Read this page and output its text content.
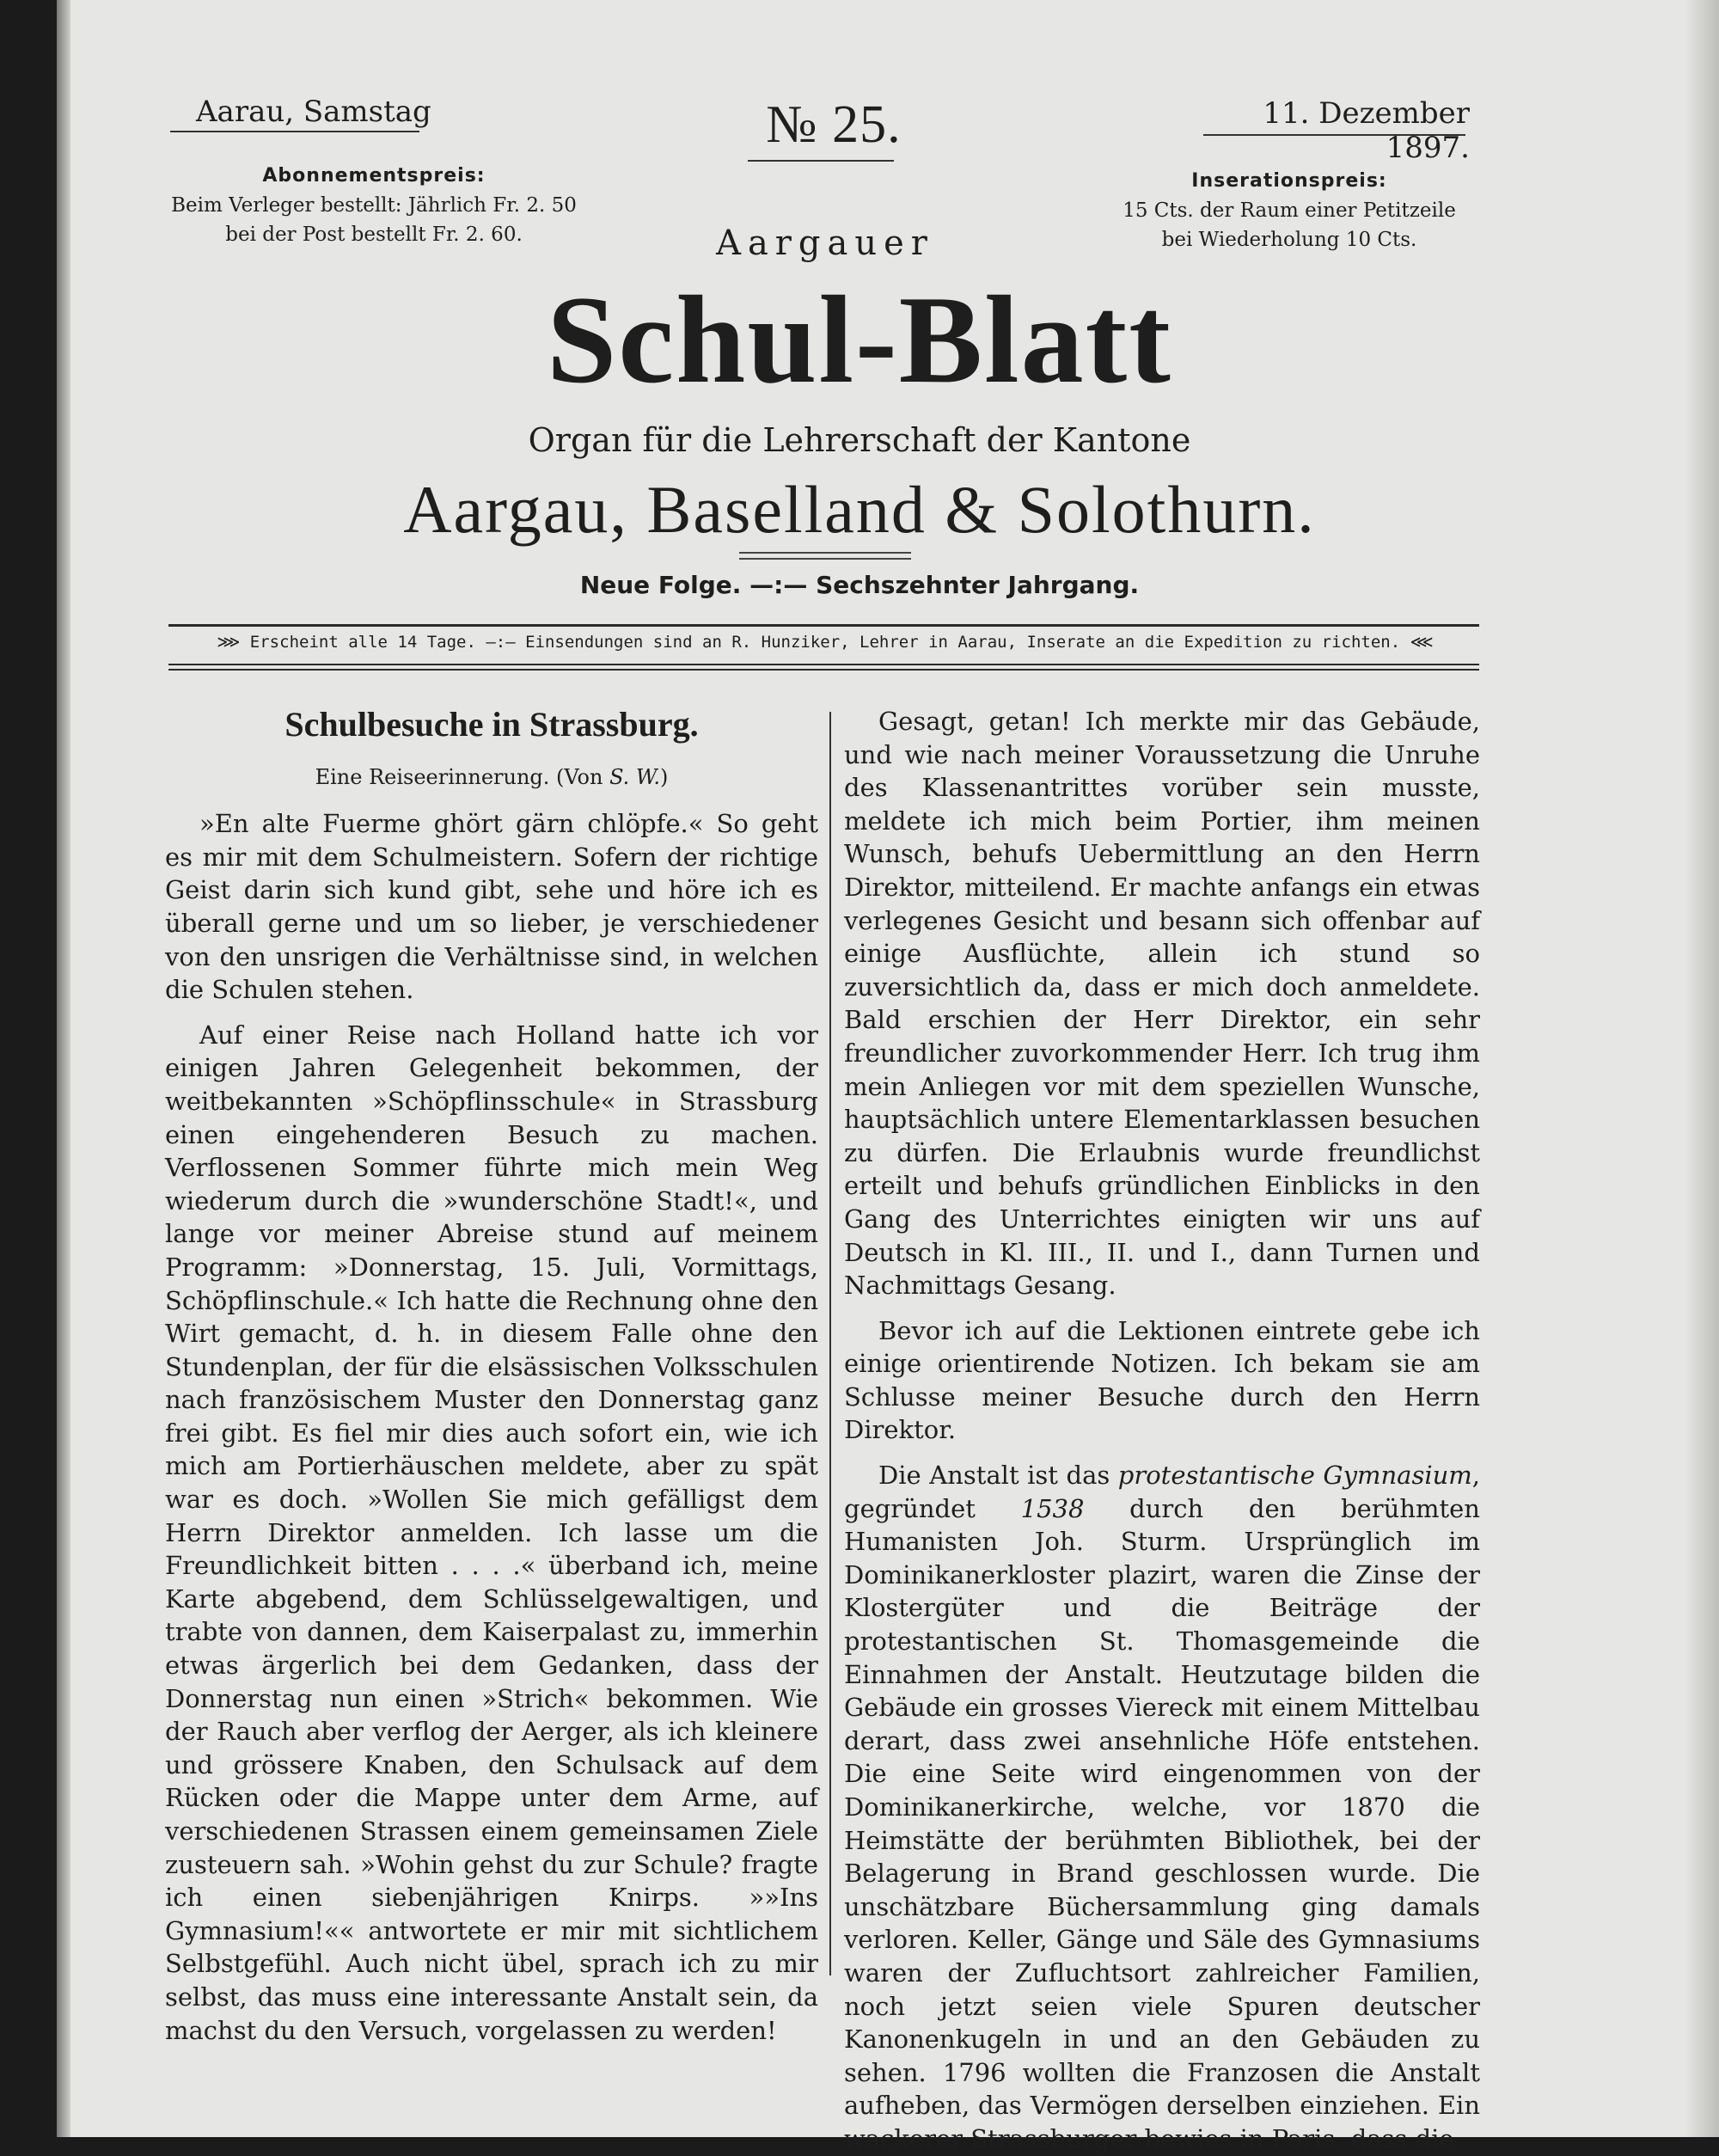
Aarau, Samstag	№ 25.	11. Dezember 1897.
Abonnementspreis:
Beim Verleger bestellt: Jährlich Fr. 2. 50
bei der Post bestellt Fr. 2. 60.
Inserationspreis:
15 Cts. der Raum einer Petitzeile
bei Wiederholung 10 Cts.
Aargauer
Schul-Blatt
Organ für die Lehrerschaft der Kantone
Aargau, Baselland & Solothurn.
Neue Folge. —:— Sechszehnter Jahrgang.
⋙ Erscheint alle 14 Tage. —:— Einsendungen sind an R. Hunziker, Lehrer in Aarau, Inserate an die Expedition zu richten. ⋘
Schulbesuche in Strassburg.
Eine Reiseerinnerung. (Von S. W.)

»En alte Fuerme ghört gärn chlöpfe.« So geht es mir mit dem Schulmeistern. Sofern der richtige Geist darin sich kund gibt, sehe und höre ich es überall gerne und um so lieber, je verschiedener von den unsrigen die Verhältnisse sind, in welchen die Schulen stehen.

Auf einer Reise nach Holland hatte ich vor einigen Jahren Gelegenheit bekommen, der weitbekannten »Schöpflinsschule« in Strassburg einen eingehenderen Besuch zu machen. Verflossenen Sommer führte mich mein Weg wiederum durch die »wunderschöne Stadt!«, und lange vor meiner Abreise stund auf meinem Programm: »Donnerstag, 15. Juli, Vormittags, Schöpflinschule.« Ich hatte die Rechnung ohne den Wirt gemacht, d. h. in diesem Falle ohne den Stundenplan, der für die elsässischen Volksschulen nach französischem Muster den Donnerstag ganz frei gibt. Es fiel mir dies auch sofort ein, wie ich mich am Portierhäuschen meldete, aber zu spät war es doch. »Wollen Sie mich gefälligst dem Herrn Direktor anmelden. Ich lasse um die Freundlichkeit bitten . . . .« überband ich, meine Karte abgebend, dem Schlüsselgewaltigen, und trabte von dannen, dem Kaiserpalast zu, immerhin etwas ärgerlich bei dem Gedanken, dass der Donnerstag nun einen »Strich« bekommen. Wie der Rauch aber verflog der Aerger, als ich kleinere und grössere Knaben, den Schulsack auf dem Rücken oder die Mappe unter dem Arme, auf verschiedenen Strassen einem gemeinsamen Ziele zusteuern sah. »Wohin gehst du zur Schule? fragte ich einen siebenjährigen Knirps. »»Ins Gymnasium!«« antwortete er mir mit sichtlichem Selbstgefühl. Auch nicht übel, sprach ich zu mir selbst, das muss eine interessante Anstalt sein, da machst du den Versuch, vorgelassen zu werden!

Gesagt, getan! Ich merkte mir das Gebäude, und wie nach meiner Voraussetzung die Unruhe des Klassenantrittes vorüber sein musste, meldete ich mich beim Portier, ihm meinen Wunsch, behufs Uebermittlung an den Herrn Direktor, mitteilend. Er machte anfangs ein etwas verlegenes Gesicht und besann sich offenbar auf einige Ausflüchte, allein ich stund so zuversichtlich da, dass er mich doch anmeldete. Bald erschien der Herr Direktor, ein sehr freundlicher zuvorkommender Herr. Ich trug ihm mein Anliegen vor mit dem speziellen Wunsche, hauptsächlich untere Elementarklassen besuchen zu dürfen. Die Erlaubnis wurde freundlichst erteilt und behufs gründlichen Einblicks in den Gang des Unterrichtes einigten wir uns auf Deutsch in Kl. III., II. und I., dann Turnen und Nachmittags Gesang.

Bevor ich auf die Lektionen eintrete gebe ich einige orientirende Notizen. Ich bekam sie am Schlusse meiner Besuche durch den Herrn Direktor.

Die Anstalt ist das protestantische Gymnasium, gegründet 1538 durch den berühmten Humanisten Joh. Sturm. Ursprünglich im Dominikanerkloster plazirt, waren die Zinse der Klostergüter und die Beiträge der protestantischen St. Thomasgemeinde die Einnahmen der Anstalt. Heutzutage bilden die Gebäude ein grosses Viereck mit einem Mittelbau derart, dass zwei ansehnliche Höfe entstehen. Die eine Seite wird eingenommen von der Dominikanerkirche, welche, vor 1870 die Heimstätte der berühmten Bibliothek, bei der Belagerung in Brand geschlossen wurde. Die unschätzbare Büchersammlung ging damals verloren. Keller, Gänge und Säle des Gymnasiums waren der Zufluchtsort zahlreicher Familien, noch jetzt seien viele Spuren deutscher Kanonenkugeln in und an den Gebäuden zu sehen. 1796 wollten die Franzosen die Anstalt aufheben, das Vermögen derselben einziehen. Ein wackerer Strassburger bewies in Paris, dass die
